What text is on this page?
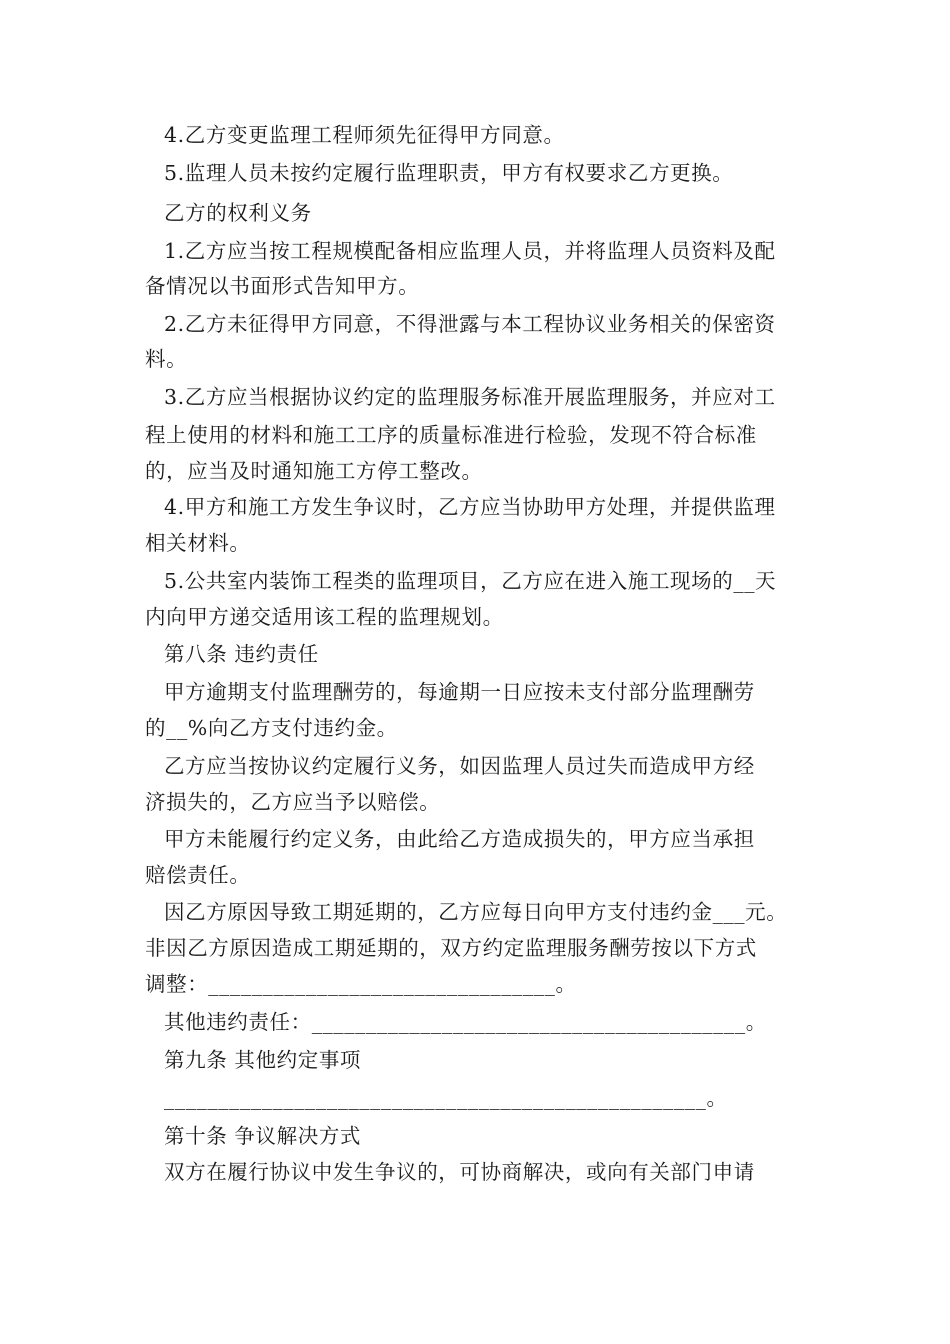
4.乙方变更监理工程师须先征得甲方同意。
5.监理人员未按约定履行监理职责，甲方有权要求乙方更换。
乙方的权利义务
1.乙方应当按工程规模配备相应监理人员，并将监理人员资料及配
备情况以书面形式告知甲方。
2.乙方未征得甲方同意，不得泄露与本工程协议业务相关的保密资
料。
3.乙方应当根据协议约定的监理服务标准开展监理服务，并应对工
程上使用的材料和施工工序的质量标准进行检验，发现不符合标准
的，应当及时通知施工方停工整改。
4.甲方和施工方发生争议时，乙方应当协助甲方处理，并提供监理
相关材料。
5.公共室内装饰工程类的监理项目，乙方应在进入施工现场的__天
内向甲方递交适用该工程的监理规划。
第八条 违约责任
甲方逾期支付监理酬劳的，每逾期一日应按未支付部分监理酬劳
的__%向乙方支付违约金。
乙方应当按协议约定履行义务，如因监理人员过失而造成甲方经
济损失的，乙方应当予以赔偿。
甲方未能履行约定义务，由此给乙方造成损失的，甲方应当承担
赔偿责任。
因乙方原因导致工期延期的，乙方应每日向甲方支付违约金___元。
非因乙方原因造成工期延期的，双方约定监理服务酬劳按以下方式
调整：________________________________。
其他违约责任：________________________________________。
第九条 其他约定事项
__________________________________________________。
第十条 争议解决方式
双方在履行协议中发生争议的，可协商解决，或向有关部门申请
